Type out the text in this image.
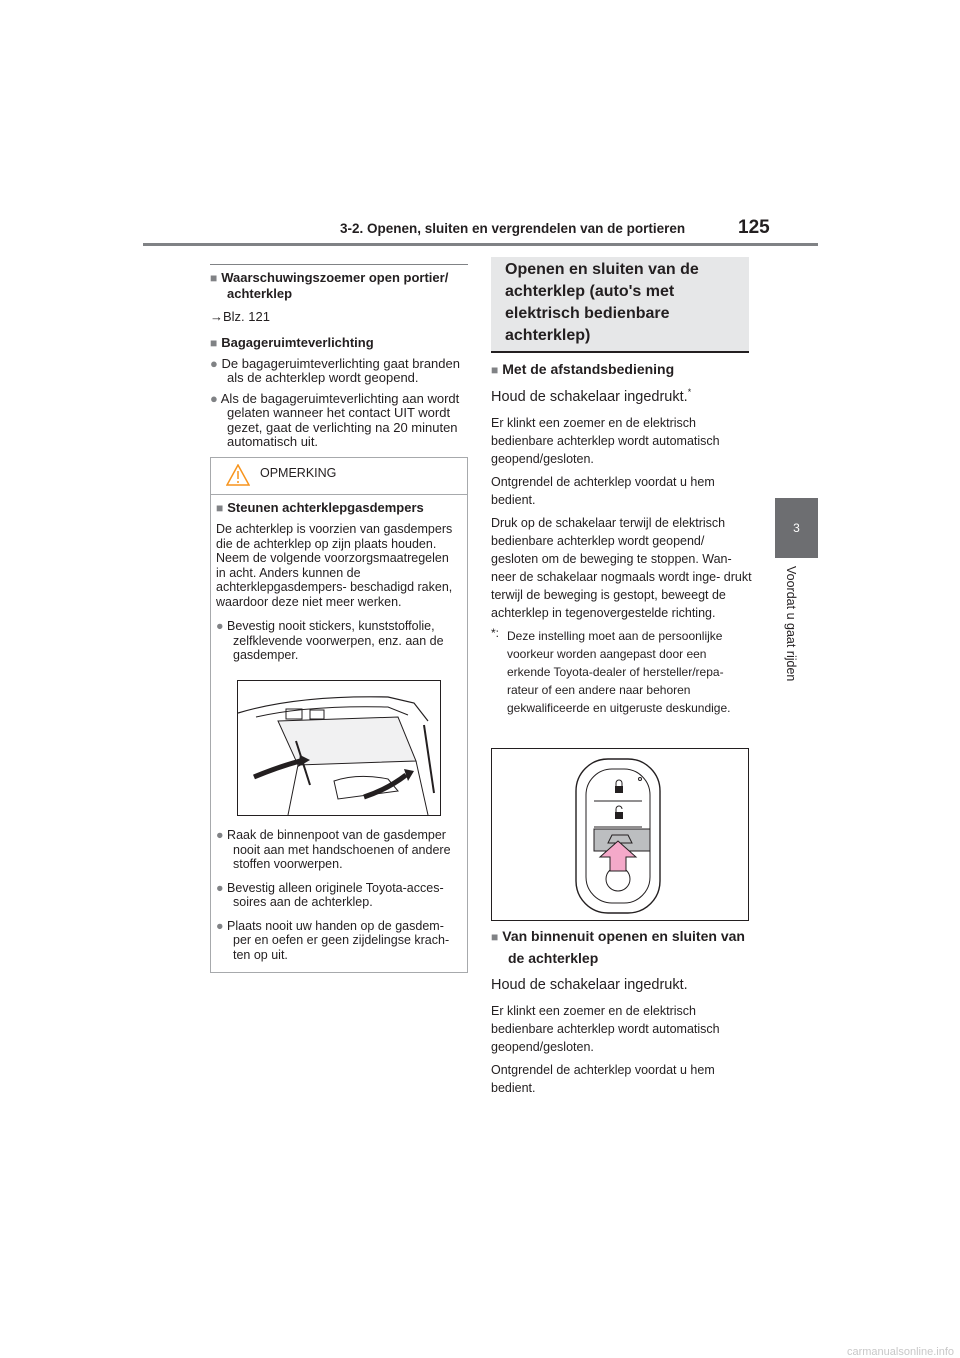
3-2. Openen, sluiten en vergrendelen van de portieren	125
3
Voordat u gaat rijden
■ Waarschuwingszoemer open portier/ achterklep
→Blz. 121
■ Bagageruimteverlichting
● De bagageruimteverlichting gaat branden als de achterklep wordt geopend.
● Als de bagageruimteverlichting aan wordt gelaten wanneer het contact UIT wordt gezet, gaat de verlichting na 20 minuten automatisch uit.
OPMERKING
■ Steunen achterklepgasdempers
De achterklep is voorzien van gasdempers die de achterklep op zijn plaats houden. Neem de volgende voorzorgsmaatregelen in acht. Anders kunnen de achterklepgasdempers- beschadigd raken, waardoor deze niet meer werken.
● Bevestig nooit stickers, kunststoffolie, zelfklevende voorwerpen, enz. aan de gasdemper.
● Raak de binnenpoot van de gasdemper nooit aan met handschoenen of andere stoffen voorwerpen.
● Bevestig alleen originele Toyota-acces- soires aan de achterklep.
● Plaats nooit uw handen op de gasdem- per en oefen er geen zijdelingse krach- ten op uit.
Openen en sluiten van de achterklep (auto's met elektrisch bedienbare achterklep)
■ Met de afstandsbediening
Houd de schakelaar ingedrukt.*
Er klinkt een zoemer en de elektrisch bedienbare achterklep wordt automatisch geopend/gesloten.
Ontgrendel de achterklep voordat u hem bedient.
Druk op de schakelaar terwijl de elektrisch bedienbare achterklep wordt geopend/ gesloten om de beweging te stoppen. Wan- neer de schakelaar nogmaals wordt inge- drukt terwijl de beweging is gestopt, beweegt de achterklep in tegenovergestelde richting.
*: Deze instelling moet aan de persoonlijke voorkeur worden aangepast door een erkende Toyota-dealer of hersteller/repa- rateur of een andere naar behoren gekwalificeerde en uitgeruste deskundige.
■ Van binnenuit openen en sluiten van de achterklep
Houd de schakelaar ingedrukt.
Er klinkt een zoemer en de elektrisch bedienbare achterklep wordt automatisch geopend/gesloten.
Ontgrendel de achterklep voordat u hem bedient.
carmanualsonline.info
